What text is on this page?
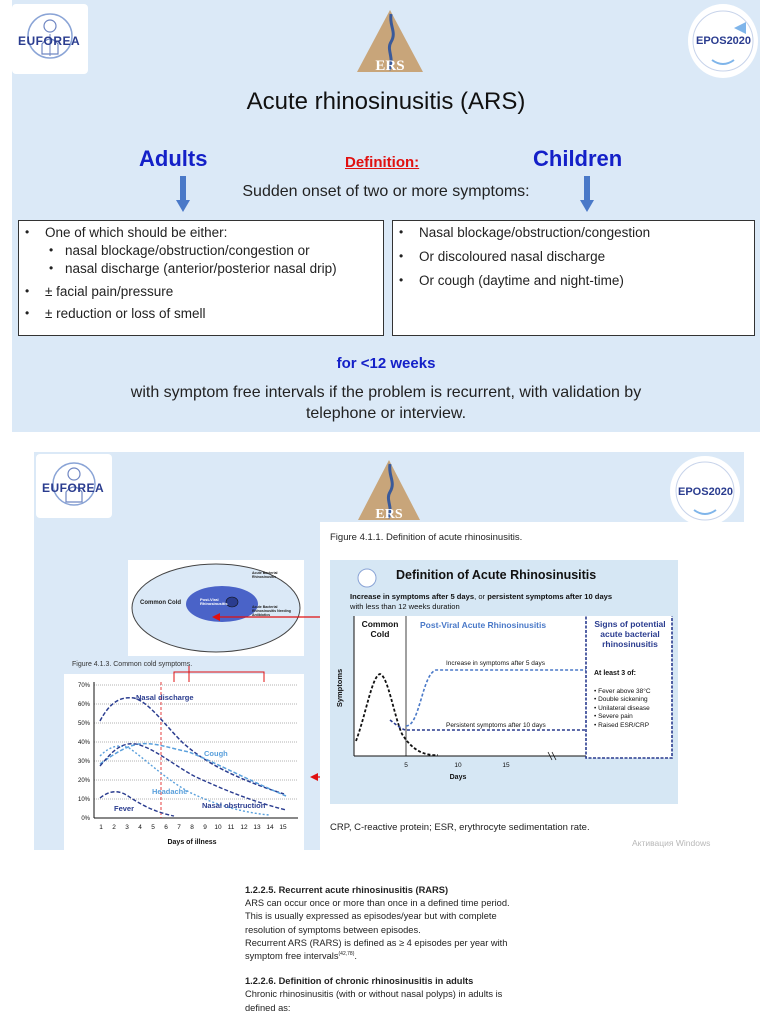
EUFOREA
ERS
EPOS2020
Acute rhinosinusitis (ARS)
Adults	Definition:	Children
Sudden onset of two or more symptoms:
• One of which should be either:
• nasal blockage/obstruction/congestion or
• nasal discharge (anterior/posterior nasal drip)
• ± facial pain/pressure
• ± reduction or loss of smell
• Nasal blockage/obstruction/congestion
• Or discoloured nasal discharge
• Or cough (daytime and night-time)
for <12 weeks
with symptom free intervals if the problem is recurrent, with validation by telephone or interview.
EUFOREA
ERS
EPOS2020
Common Cold
Post-Viral Rhinosinusitis
Acute Bacterial Rhinosinusitis
Acute Bacterial Rhinosinusitis Needing Antibiotics
Figure 4.1.3. Common cold symptoms.
70%
60%
50%
40%
30%
20%
10%
0%
1 2 3 4 5 6 7 8 9 10 11 12 13 14 15
Days of illness
Nasal discharge
Cough
Headache
Fever	Nasal obstruction
Figure 4.1.1. Definition of acute rhinosinusitis.
Definition of Acute Rhinosinusitis
Increase in symptoms after 5 days, or persistent symptoms after 10 days
with less than 12 weeks duration
Symptoms
5	10	15
Days
Common Cold
Post-Viral Acute Rhinosinusitis
Increase in symptoms after 5 days
Persistent symptoms after 10 days
Signs of potential acute bacterial rhinosinusitis
At least 3 of:
• Fever above 38°C
• Double sickening
• Unilateral disease
• Severe pain
• Raised ESR/CRP
CRP, C-reactive protein; ESR, erythrocyte sedimentation rate.
Активация Windows
1.2.2.5. Recurrent acute rhinosinusitis (RARS)
ARS can occur once or more than once in a defined time period.
This is usually expressed as episodes/year but with complete
resolution of symptoms between episodes.
Recurrent ARS (RARS) is defined as ≥ 4 episodes per year with
symptom free intervals$^{(42,78)}$.
1.2.2.6. Definition of chronic rhinosinusitis in adults
Chronic rhinosinusitis (with or without nasal polyps) in adults is
defined as:
